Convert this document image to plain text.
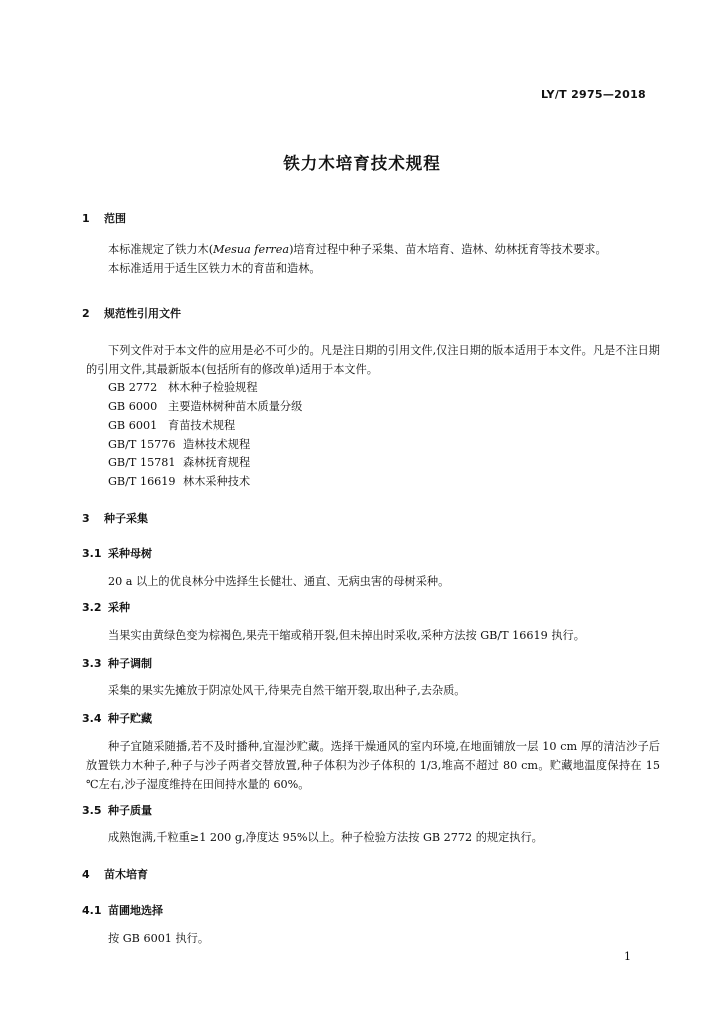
LY/T 2975—2018
铁力木培育技术规程
1 范围
本标准规定了铁力木(Mesua ferrea)培育过程中种子采集、苗木培育、造林、幼林抚育等技术要求。
本标准适用于适生区铁力木的育苗和造林。
2 规范性引用文件
下列文件对于本文件的应用是必不可少的。凡是注日期的引用文件,仅注日期的版本适用于本文件。凡是不注日期的引用文件,其最新版本(包括所有的修改单)适用于本文件。
GB 2772 林木种子检验规程
GB 6000 主要造林树种苗木质量分级
GB 6001 育苗技术规程
GB/T 15776 造林技术规程
GB/T 15781 森林抚育规程
GB/T 16619 林木采种技术
3 种子采集
3.1 采种母树
20 a 以上的优良林分中选择生长健壮、通直、无病虫害的母树采种。
3.2 采种
当果实由黄绿色变为棕褐色,果壳干缩或稍开裂,但未掉出时采收,采种方法按 GB/T 16619 执行。
3.3 种子调制
采集的果实先摊放于阴凉处风干,待果壳自然干缩开裂,取出种子,去杂质。
3.4 种子贮藏
种子宜随采随播,若不及时播种,宜湿沙贮藏。选择干燥通风的室内环境,在地面铺放一层 10 cm 厚的清洁沙子后放置铁力木种子,种子与沙子两者交替放置,种子体积为沙子体积的 1/3,堆高不超过 80 cm。贮藏地温度保持在 15 ℃左右,沙子湿度维持在田间持水量的 60%。
3.5 种子质量
成熟饱满,千粒重≥1 200 g,净度达 95%以上。种子检验方法按 GB 2772 的规定执行。
4 苗木培育
4.1 苗圃地选择
按 GB 6001 执行。
1
